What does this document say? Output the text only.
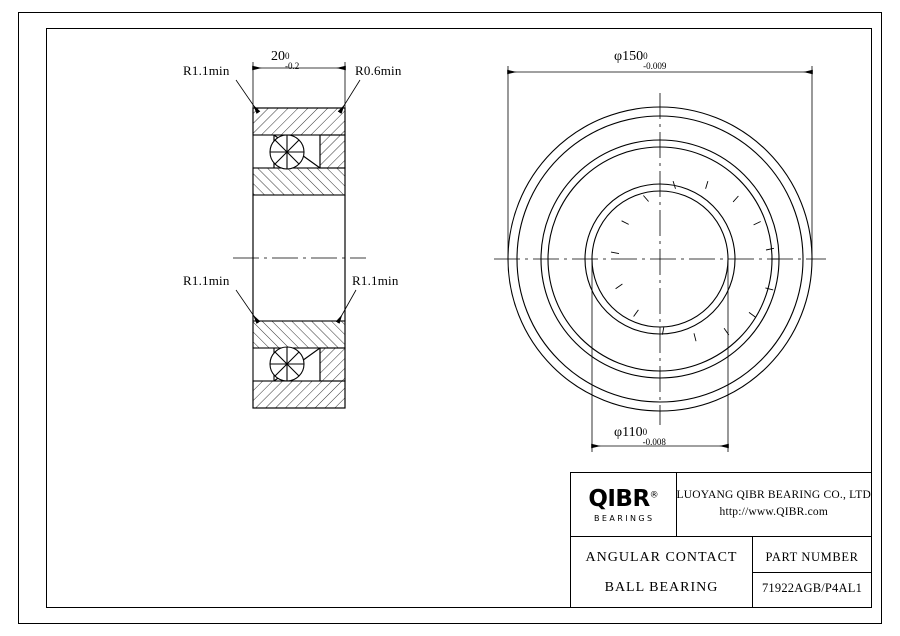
R1.1min	R0.6min
R1.1min	R1.1min
20 0
-0.2
φ150 0
-0.009
φ110 0
-0.008
QIBR®
BEARINGS
LUOYANG QIBR BEARING CO., LTD
http://www.QIBR.com
ANGULAR CONTACT
BALL BEARING
PART NUMBER
71922AGB/P4AL1
